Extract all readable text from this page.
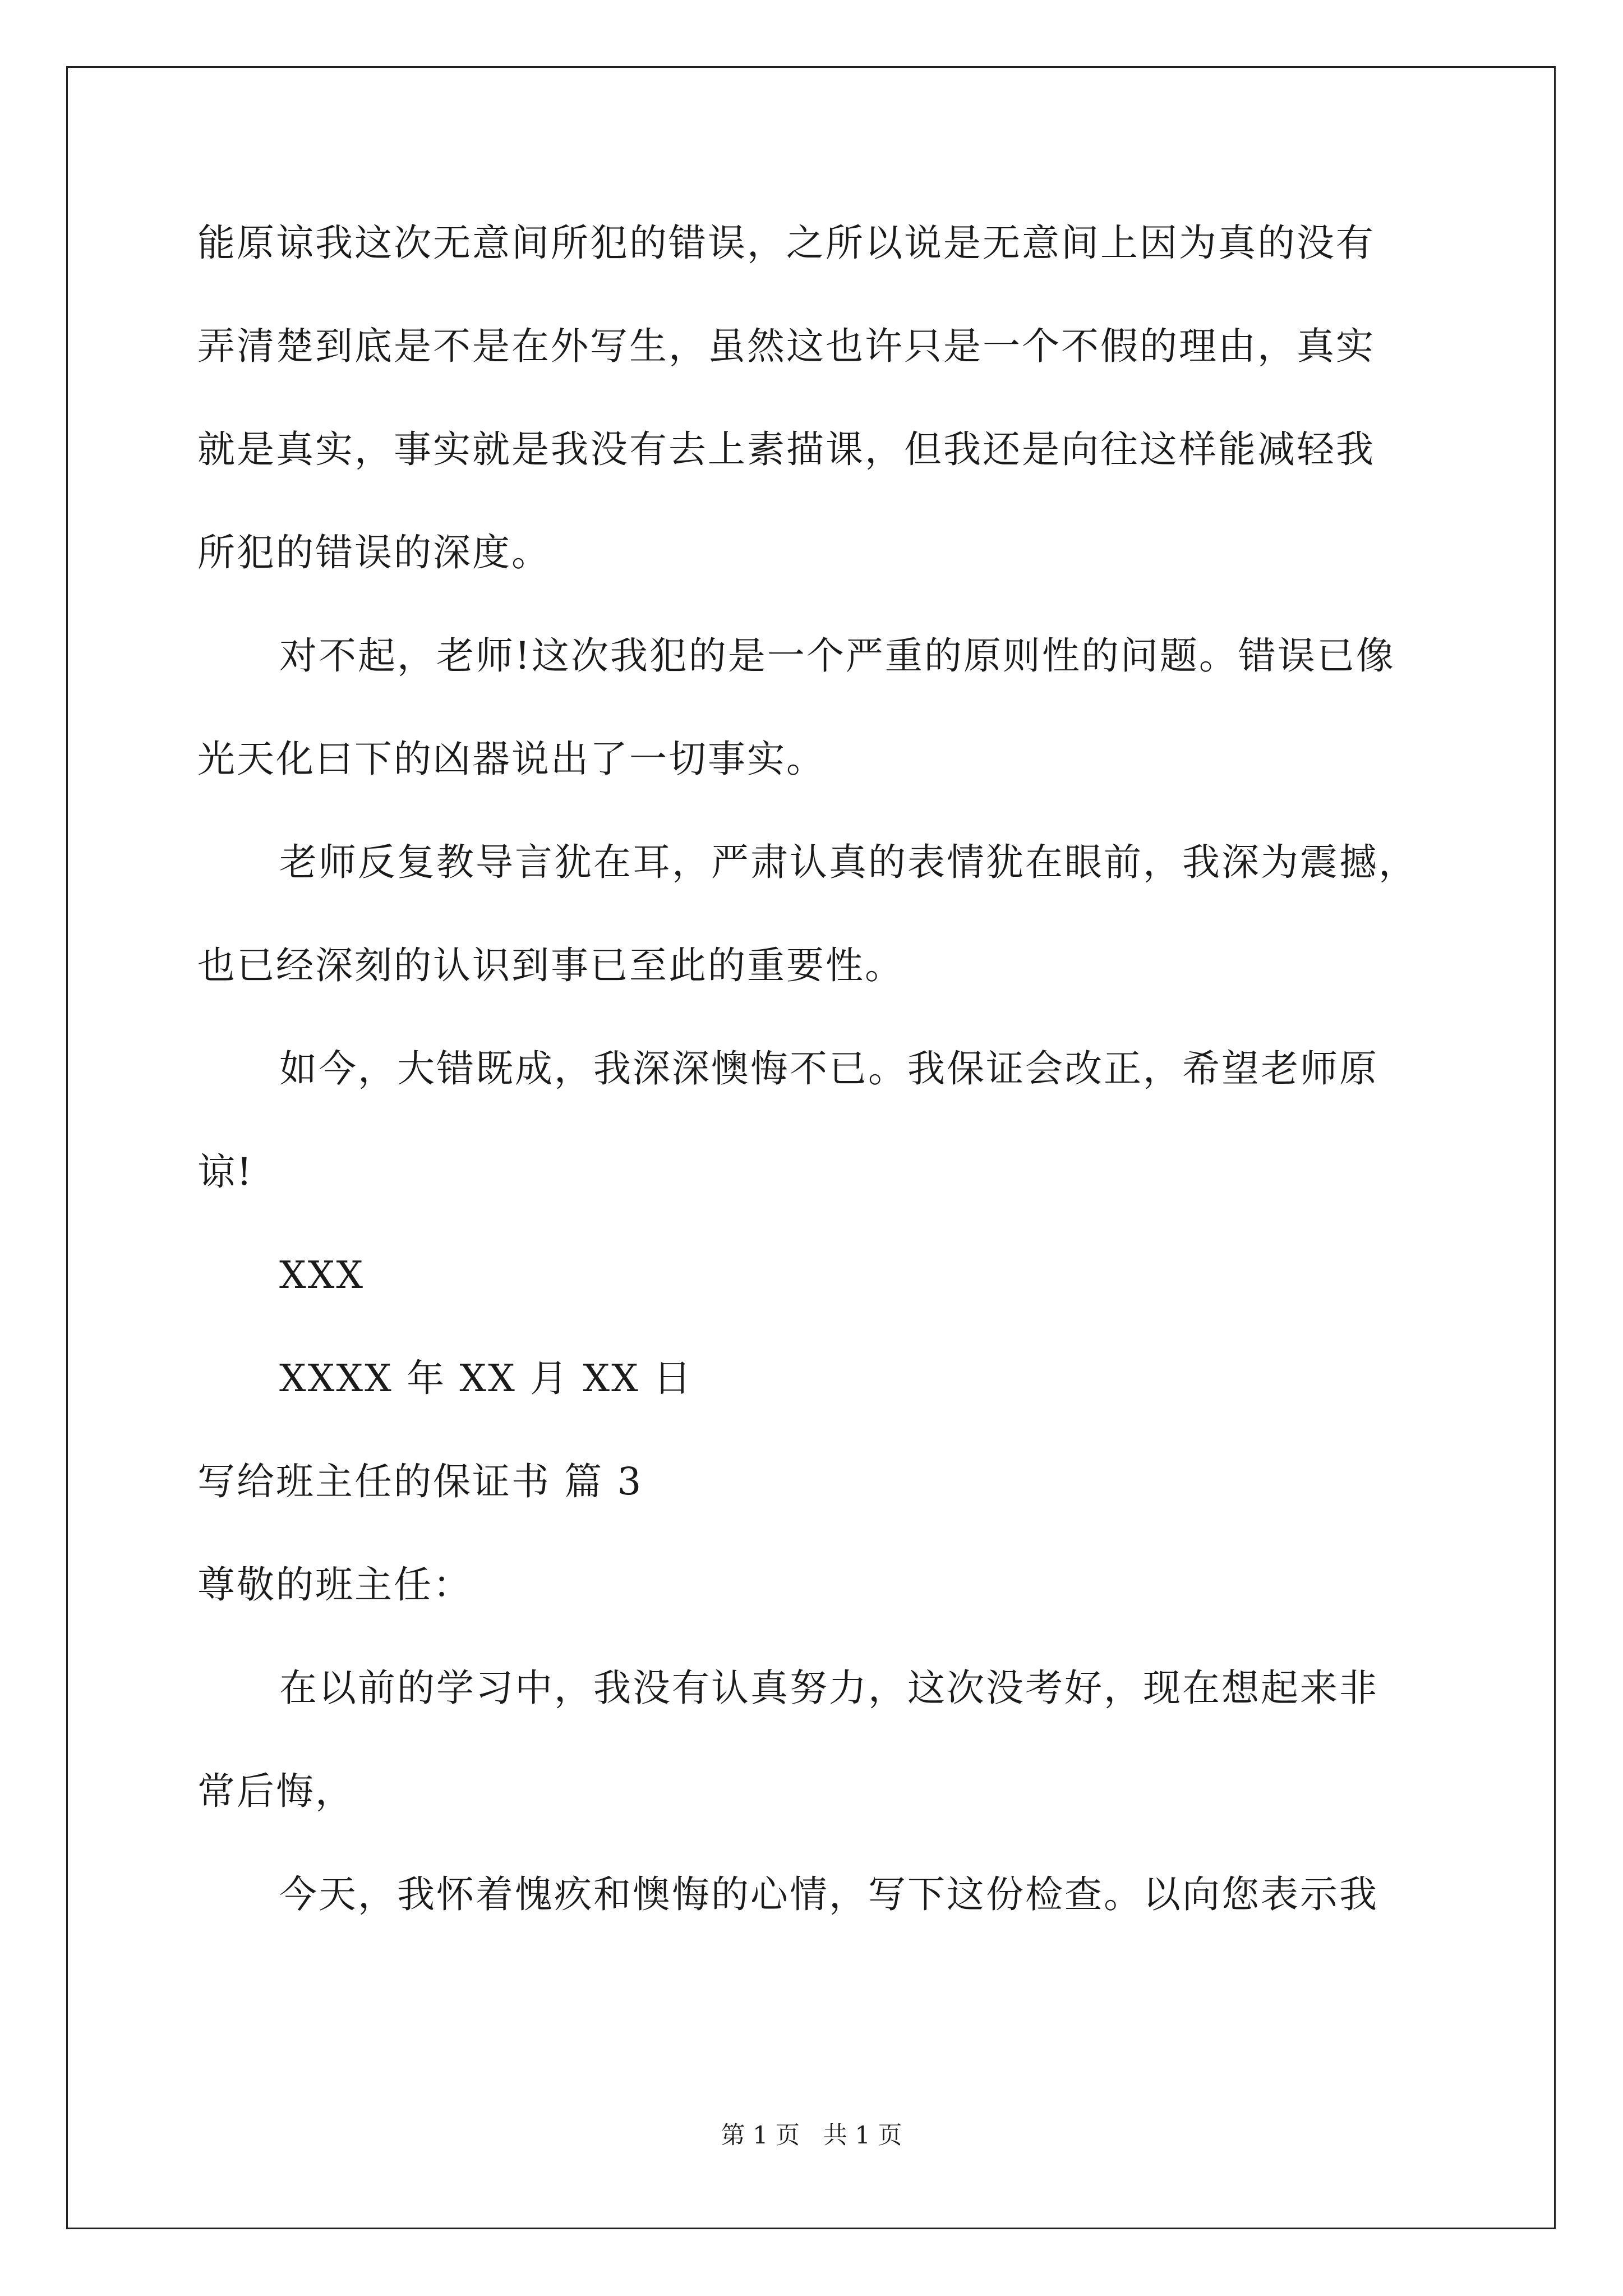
能原谅我这次无意间所犯的错误，之所以说是无意间上因为真的没有
弄清楚到底是不是在外写生，虽然这也许只是一个不假的理由，真实
就是真实，事实就是我没有去上素描课，但我还是向往这样能减轻我
所犯的错误的深度。
对不起，老师!这次我犯的是一个严重的原则性的问题。错误已像
光天化曰下的凶器说出了一切事实。
老师反复教导言犹在耳，严肃认真的表情犹在眼前，我深为震撼，
也已经深刻的认识到事已至此的重要性。
如今，大错既成，我深深懊悔不已。我保证会改正，希望老师原
谅!
XXX
XXXX 年 XX 月 XX 日
写给班主任的保证书 篇 3
尊敬的班主任：
在以前的学习中，我没有认真努力，这次没考好，现在想起来非
常后悔，
今天，我怀着愧疚和懊悔的心情，写下这份检查。以向您表示我
第 1 页 共 1 页
